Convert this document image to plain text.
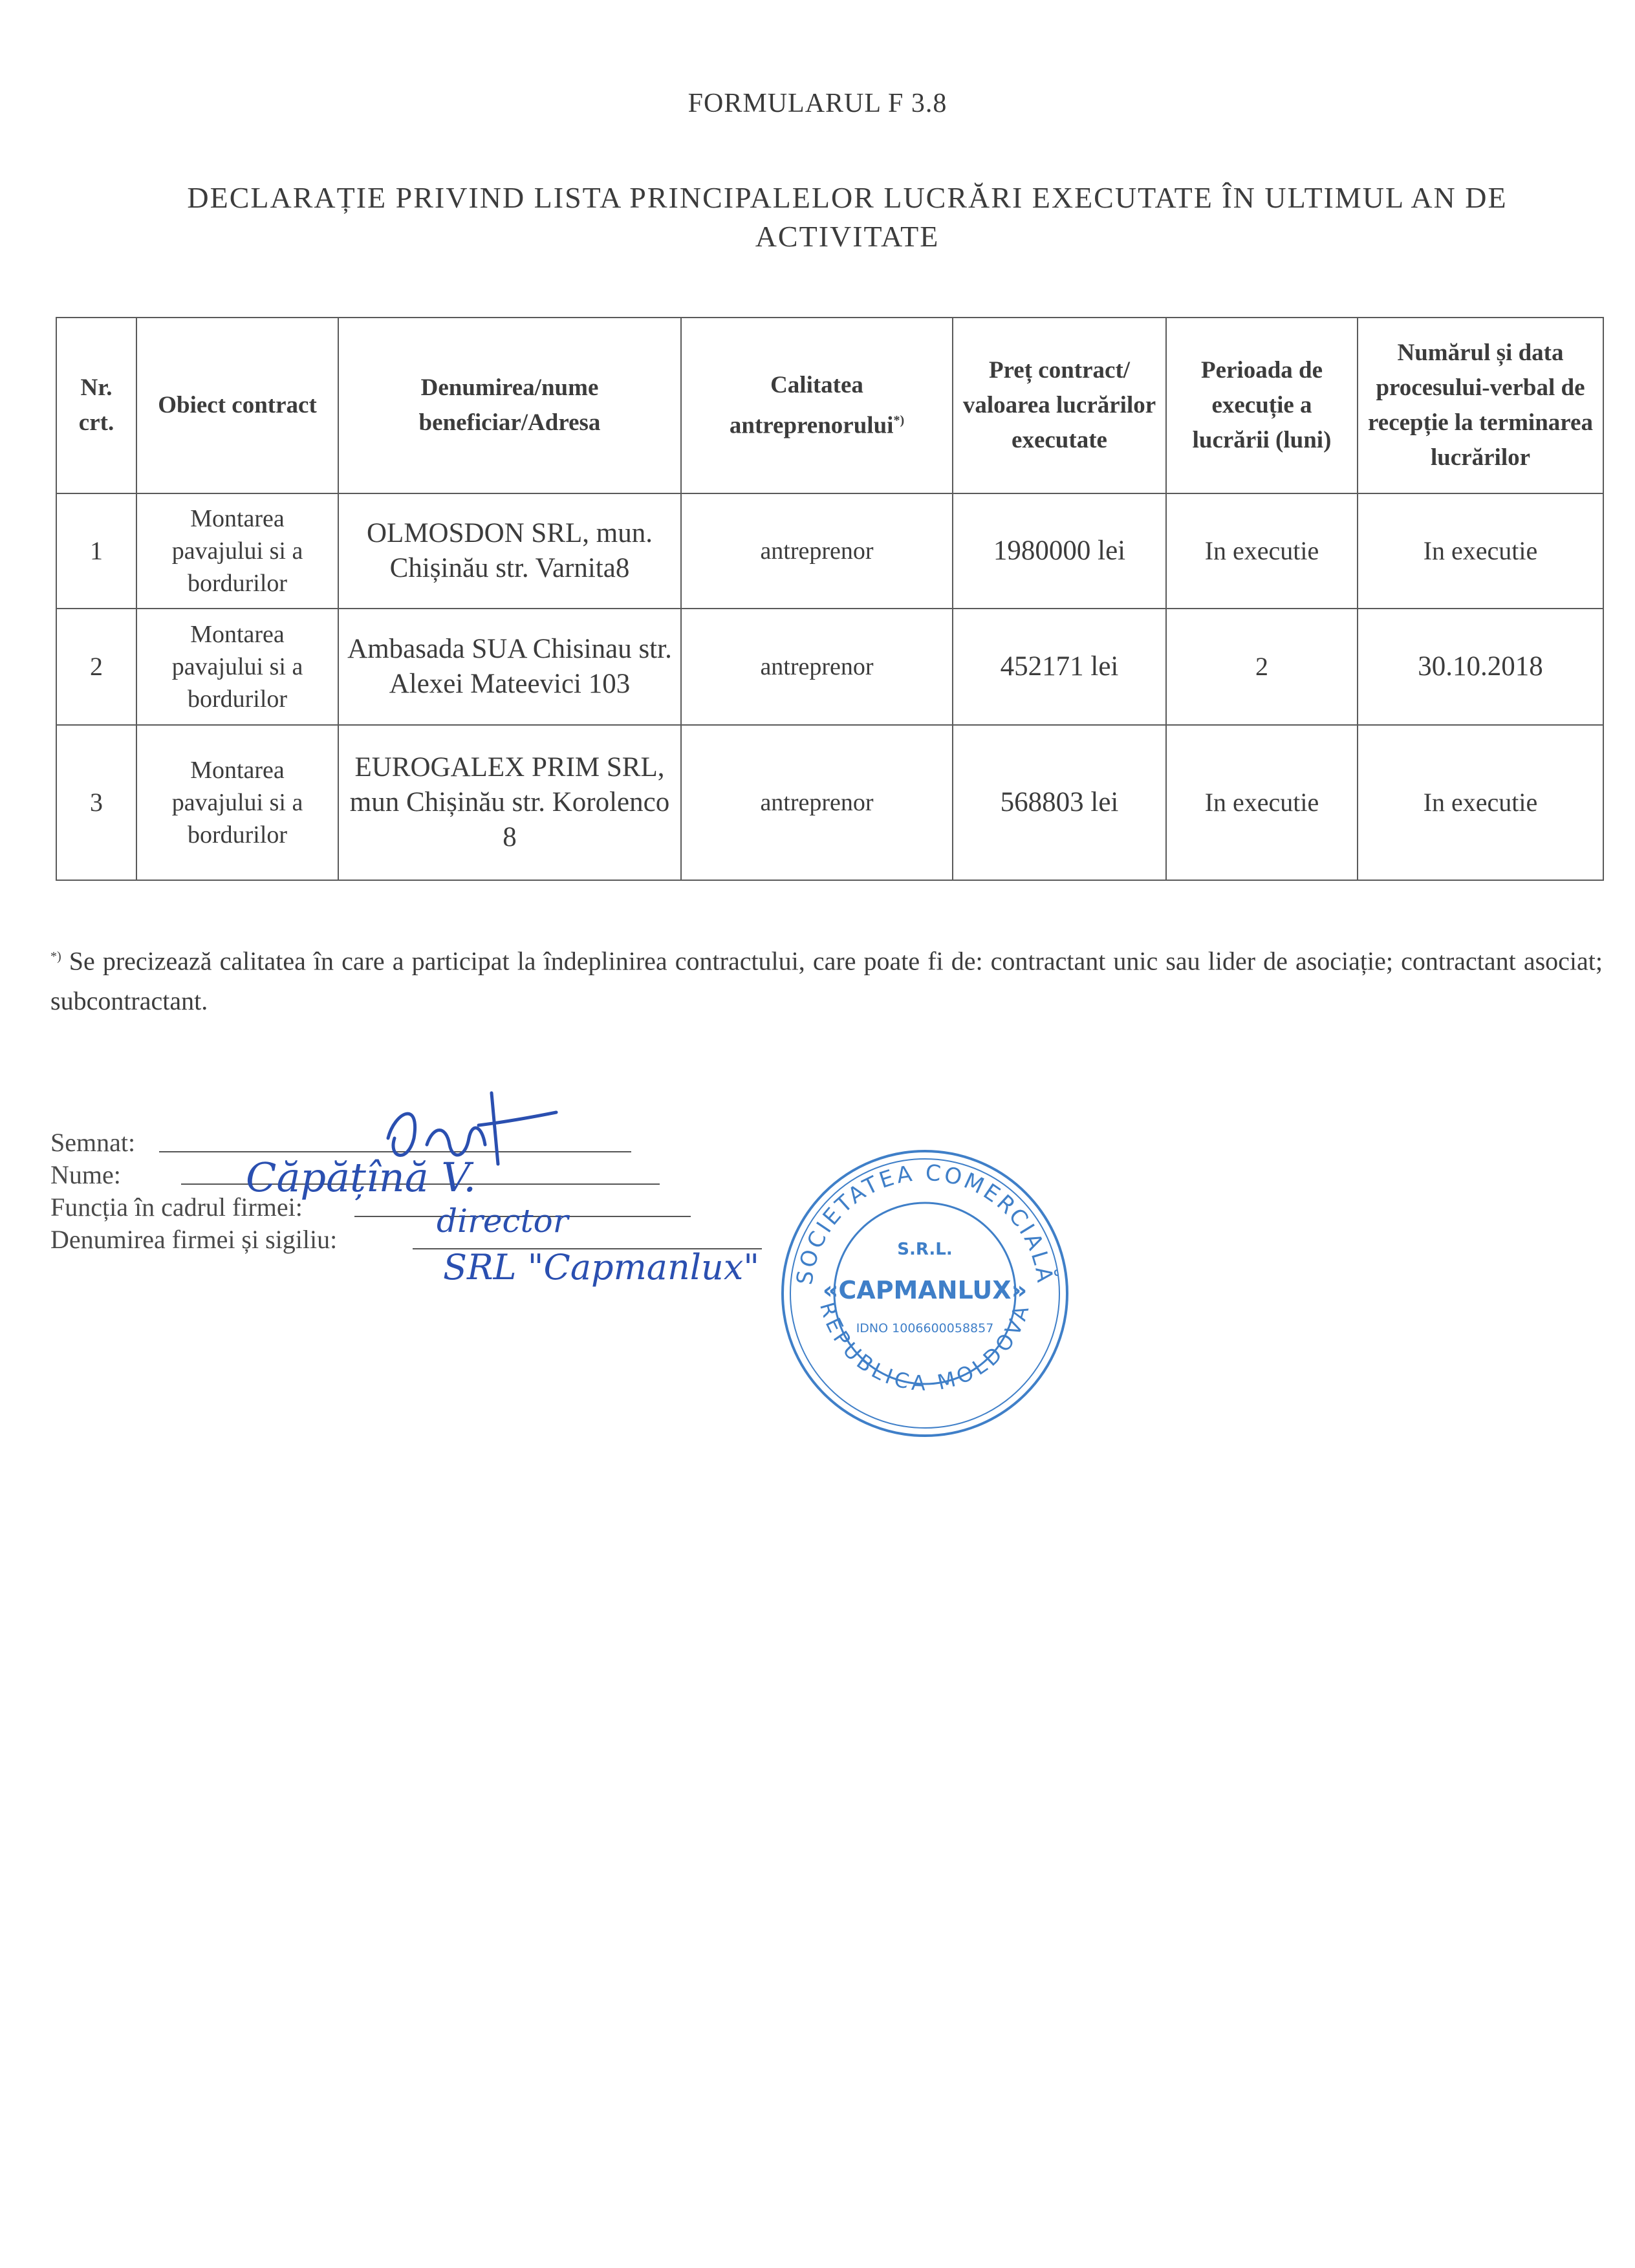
FORMULARUL F 3.8
DECLARAȚIE PRIVIND LISTA PRINCIPALELOR LUCRĂRI EXECUTATE ÎN ULTIMUL AN DE ACTIVITATE
Nr. crt.	Obiect contract	Denumirea/nume beneficiar/Adresa	Calitatea antreprenorului*)	Preț contract/ valoarea lucrărilor executate	Perioada de execuție a lucrării (luni)	Numărul și data procesului-verbal de recepție la terminarea lucrărilor
1	Montarea pavajului si a bordurilor	OLMOSDON SRL, mun. Chișinău str. Varnita8	antreprenor	1980000 lei	In executie	In executie
2	Montarea pavajului si a bordurilor	Ambasada SUA Chisinau str. Alexei Mateevici 103	antreprenor	452171 lei	2	30.10.2018
3	Montarea pavajului si a bordurilor	EUROGALEX PRIM SRL, mun Chișinău str. Korolenco 8	antreprenor	568803 lei	In executie	In executie
*) Se precizează calitatea în care a participat la îndeplinirea contractului, care poate fi de: contractant unic sau lider de asociație; contractant asociat; subcontractant.
Semnat:
Nume:
Funcția în cadrul firmei:
Denumirea firmei și sigiliu:
Căpățînă V.
director
SRL "Capmanlux" SOCIETATEA COMERCIALĂ
REPUBLICA MOLDOVA
S.R.L.
«CAPMANLUX»
IDNO 1006600058857
